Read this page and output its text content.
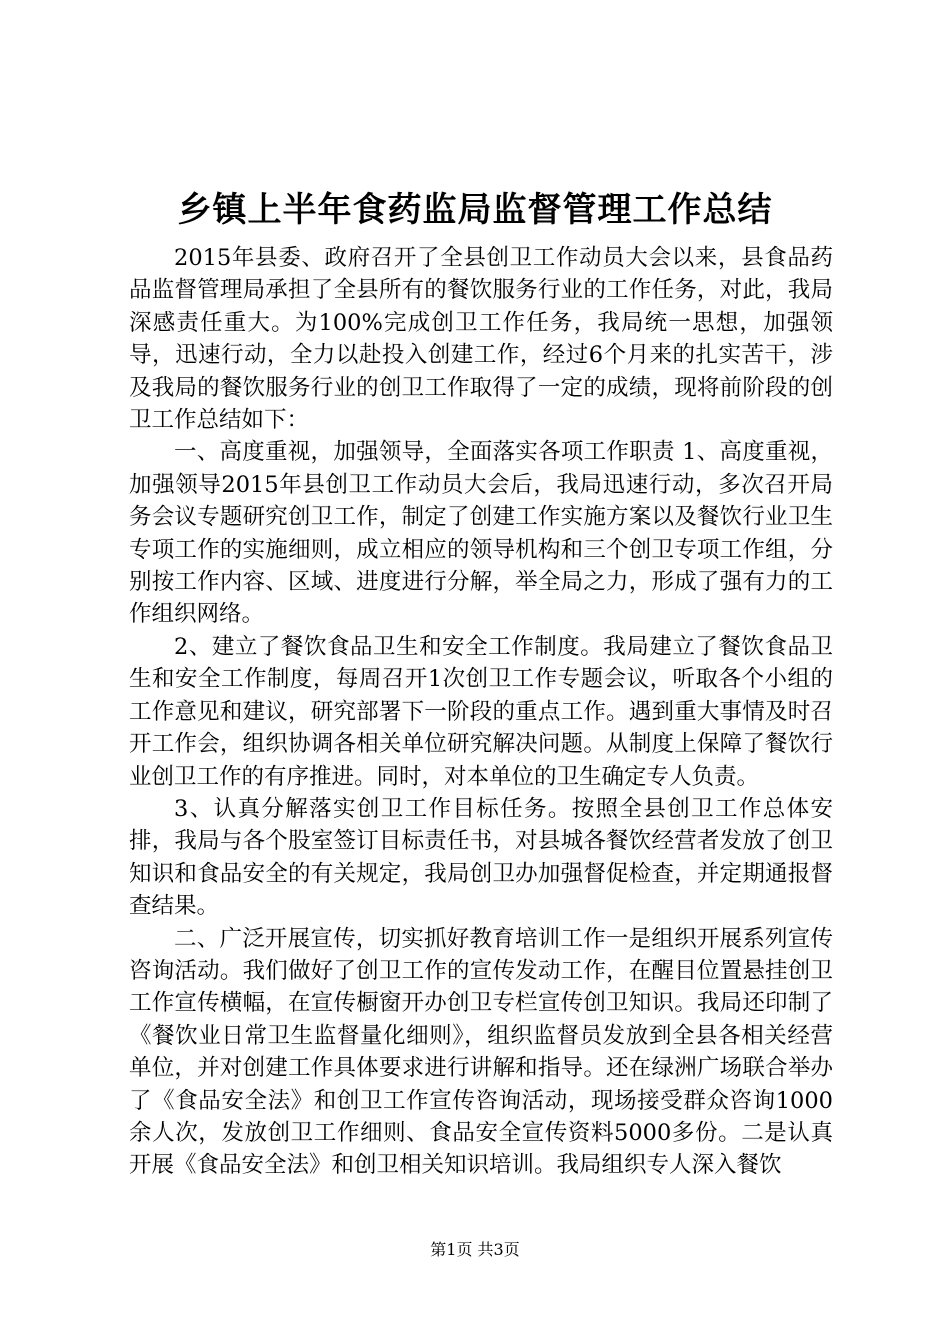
乡镇上半年食药监局监督管理工作总结

2015年县委、政府召开了全县创卫工作动员大会以来，县食品药品监督管理局承担了全县所有的餐饮服务行业的工作任务，对此，我局深感责任重大。为100%完成创卫工作任务，我局统一思想，加强领导，迅速行动，全力以赴投入创建工作，经过6个月来的扎实苦干，涉及我局的餐饮服务行业的创卫工作取得了一定的成绩，现将前阶段的创卫工作总结如下：

一、高度重视，加强领导，全面落实各项工作职责 1、高度重视，加强领导2015年县创卫工作动员大会后，我局迅速行动，多次召开局务会议专题研究创卫工作，制定了创建工作实施方案以及餐饮行业卫生专项工作的实施细则，成立相应的领导机构和三个创卫专项工作组，分别按工作内容、区域、进度进行分解，举全局之力，形成了强有力的工作组织网络。

2、建立了餐饮食品卫生和安全工作制度。我局建立了餐饮食品卫生和安全工作制度，每周召开1次创卫工作专题会议，听取各个小组的工作意见和建议，研究部署下一阶段的重点工作。遇到重大事情及时召开工作会，组织协调各相关单位研究解决问题。从制度上保障了餐饮行业创卫工作的有序推进。同时，对本单位的卫生确定专人负责。

3、认真分解落实创卫工作目标任务。按照全县创卫工作总体安排，我局与各个股室签订目标责任书，对县城各餐饮经营者发放了创卫知识和食品安全的有关规定，我局创卫办加强督促检查，并定期通报督查结果。

二、广泛开展宣传，切实抓好教育培训工作一是组织开展系列宣传咨询活动。我们做好了创卫工作的宣传发动工作，在醒目位置悬挂创卫工作宣传横幅，在宣传橱窗开办创卫专栏宣传创卫知识。我局还印制了《餐饮业日常卫生监督量化细则》，组织监督员发放到全县各相关经营单位，并对创建工作具体要求进行讲解和指导。还在绿洲广场联合举办了《食品安全法》和创卫工作宣传咨询活动，现场接受群众咨询1000余人次，发放创卫工作细则、食品安全宣传资料5000多份。二是认真开展《食品安全法》和创卫相关知识培训。我局组织专人深入餐饮

第1页 共3页
